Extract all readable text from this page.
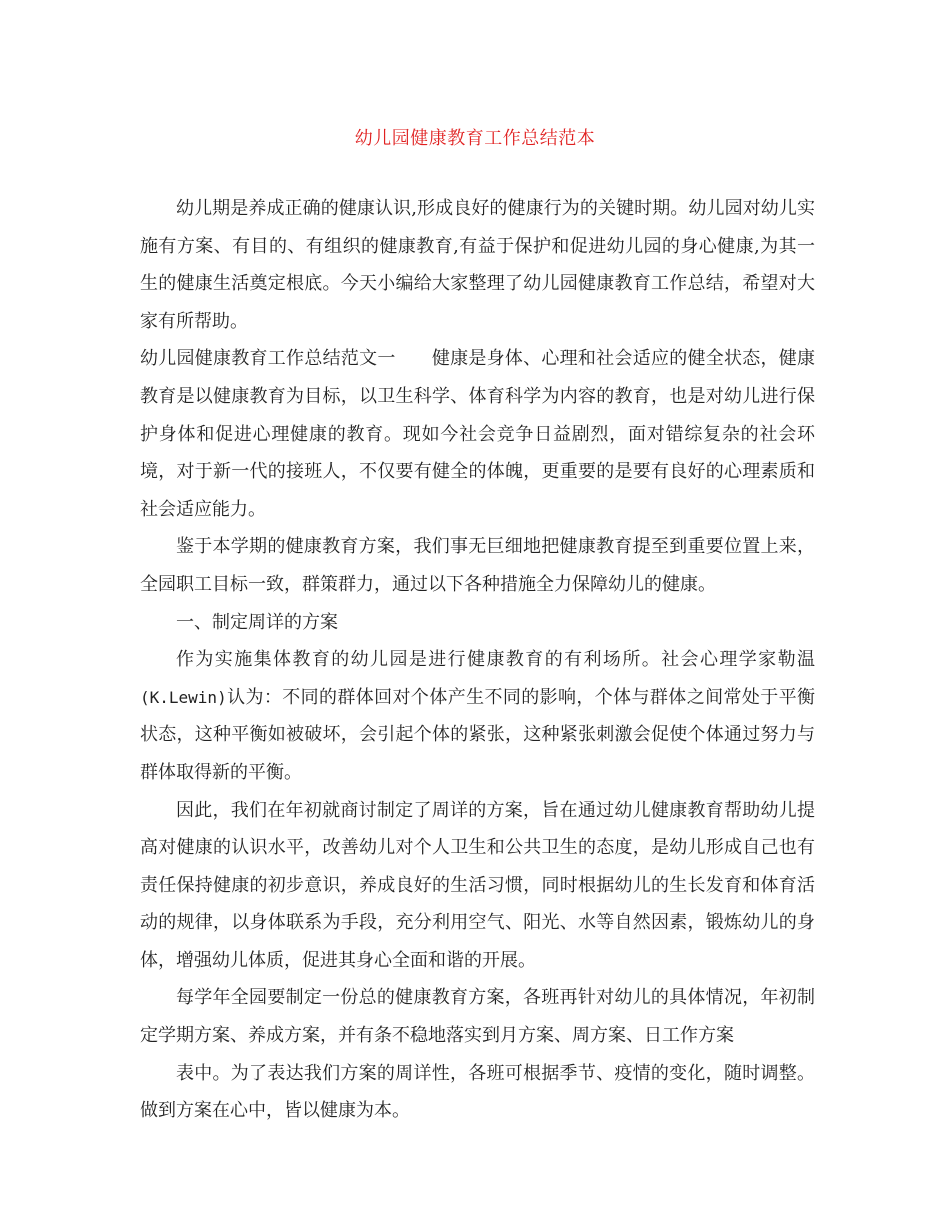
幼儿园健康教育工作总结范本

幼儿期是养成正确的健康认识,形成良好的健康行为的关键时期。幼儿园对幼儿实施有方案、有目的、有组织的健康教育,有益于保护和促进幼儿园的身心健康,为其一生的健康生活奠定根底。今天小编给大家整理了幼儿园健康教育工作总结，希望对大家有所帮助。

幼儿园健康教育工作总结范文一 健康是身体、心理和社会适应的健全状态，健康教育是以健康教育为目标，以卫生科学、体育科学为内容的教育，也是对幼儿进行保护身体和促进心理健康的教育。现如今社会竞争日益剧烈，面对错综复杂的社会环境，对于新一代的接班人，不仅要有健全的体魄，更重要的是要有良好的心理素质和社会适应能力。

鉴于本学期的健康教育方案，我们事无巨细地把健康教育提至到重要位置上来，全园职工目标一致，群策群力，通过以下各种措施全力保障幼儿的健康。

一、制定周详的方案

作为实施集体教育的幼儿园是进行健康教育的有利场所。社会心理学家勒温(K.Lewin)认为：不同的群体回对个体产生不同的影响，个体与群体之间常处于平衡状态，这种平衡如被破坏，会引起个体的紧张，这种紧张刺激会促使个体通过努力与群体取得新的平衡。

因此，我们在年初就商讨制定了周详的方案，旨在通过幼儿健康教育帮助幼儿提高对健康的认识水平，改善幼儿对个人卫生和公共卫生的态度，是幼儿形成自己也有责任保持健康的初步意识，养成良好的生活习惯，同时根据幼儿的生长发育和体育活动的规律，以身体联系为手段，充分利用空气、阳光、水等自然因素，锻炼幼儿的身体，增强幼儿体质，促进其身心全面和谐的开展。

每学年全园要制定一份总的健康教育方案，各班再针对幼儿的具体情况，年初制定学期方案、养成方案，并有条不稳地落实到月方案、周方案、日工作方案

表中。为了表达我们方案的周详性，各班可根据季节、疫情的变化，随时调整。做到方案在心中，皆以健康为本。
